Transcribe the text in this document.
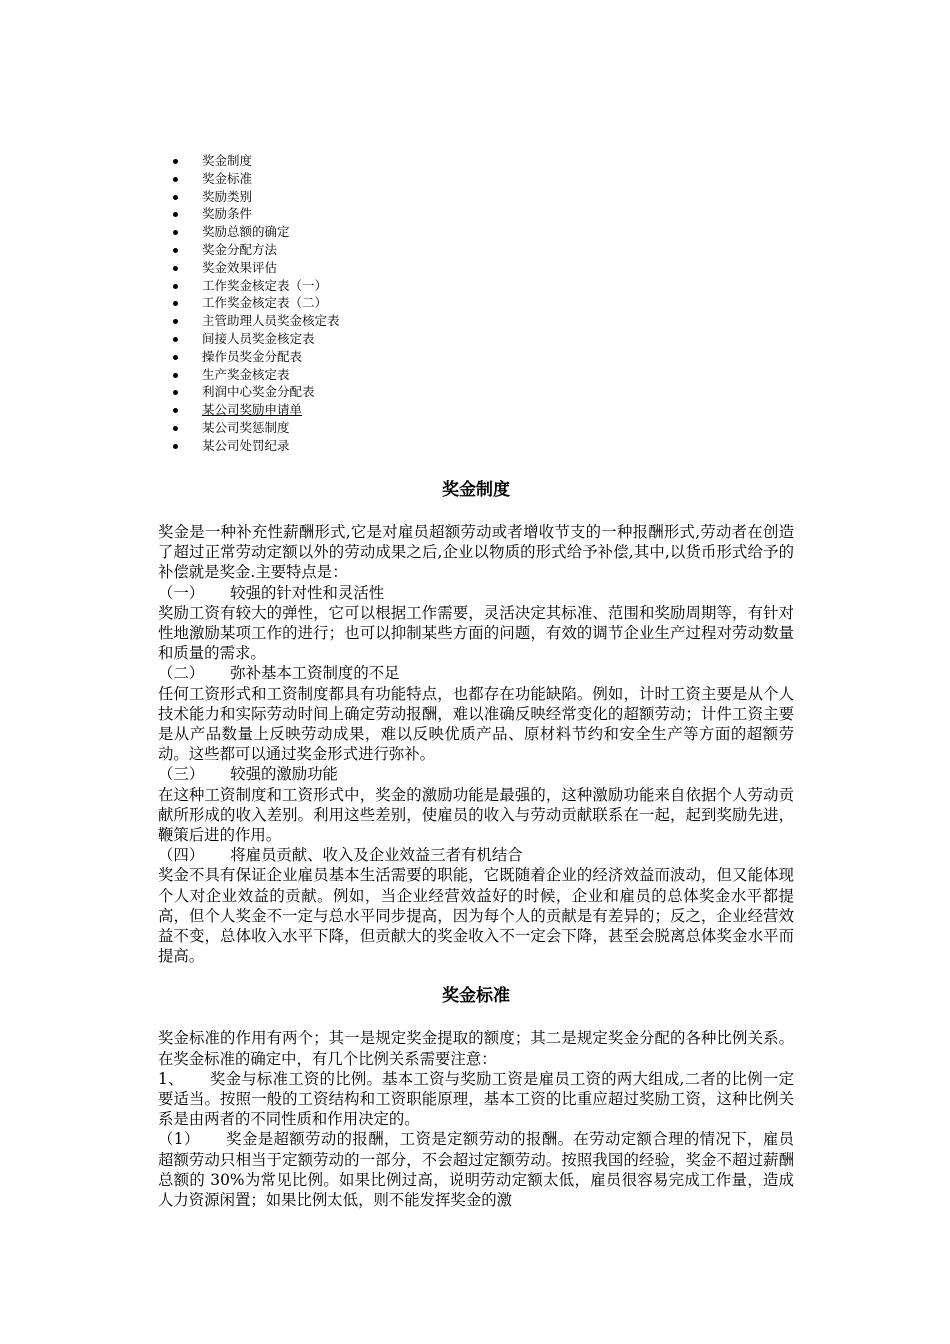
奖金制度
奖金标准
奖励类别
奖励条件
奖励总额的确定
奖金分配方法
奖金效果评估
工作奖金核定表（一）
工作奖金核定表（二）
主管助理人员奖金核定表
间接人员奖金核定表
操作员奖金分配表
生产奖金核定表
利润中心奖金分配表
某公司奖励申请单
某公司奖惩制度
某公司处罚纪录
奖金制度

奖金是一种补充性薪酬形式,它是对雇员超额劳动或者增收节支的一种报酬形式,劳动者在创造了超过正常劳动定额以外的劳动成果之后,企业以物质的形式给予补偿,其中,以货币形式给予的补偿就是奖金.主要特点是：

（一） 较强的针对性和灵活性

奖励工资有较大的弹性，它可以根据工作需要，灵活决定其标准、范围和奖励周期等，有针对性地激励某项工作的进行；也可以抑制某些方面的问题，有效的调节企业生产过程对劳动数量和质量的需求。

（二） 弥补基本工资制度的不足

任何工资形式和工资制度都具有功能特点，也都存在功能缺陷。例如，计时工资主要是从个人技术能力和实际劳动时间上确定劳动报酬，难以准确反映经常变化的超额劳动；计件工资主要是从产品数量上反映劳动成果，难以反映优质产品、原材料节约和安全生产等方面的超额劳动。这些都可以通过奖金形式进行弥补。

（三） 较强的激励功能

在这种工资制度和工资形式中，奖金的激励功能是最强的，这种激励功能来自依据个人劳动贡献所形成的收入差别。利用这些差别，使雇员的收入与劳动贡献联系在一起，起到奖励先进，鞭策后进的作用。

（四） 将雇员贡献、收入及企业效益三者有机结合

奖金不具有保证企业雇员基本生活需要的职能，它既随着企业的经济效益而波动，但又能体现个人对企业效益的贡献。例如，当企业经营效益好的时候，企业和雇员的总体奖金水平都提高，但个人奖金不一定与总水平同步提高，因为每个人的贡献是有差异的；反之，企业经营效益不变，总体收入水平下降，但贡献大的奖金收入不一定会下降，甚至会脱离总体奖金水平而提高。

奖金标准

奖金标准的作用有两个；其一是规定奖金提取的额度；其二是规定奖金分配的各种比例关系。在奖金标准的确定中，有几个比例关系需要注意：

1、 奖金与标准工资的比例。基本工资与奖励工资是雇员工资的两大组成,二者的比例一定要适当。按照一般的工资结构和工资职能原理，基本工资的比重应超过奖励工资，这种比例关系是由两者的不同性质和作用决定的。

（1） 奖金是超额劳动的报酬，工资是定额劳动的报酬。在劳动定额合理的情况下，雇员超额劳动只相当于定额劳动的一部分，不会超过定额劳动。按照我国的经验，奖金不超过薪酬总额的 30%为常见比例。如果比例过高，说明劳动定额太低，雇员很容易完成工作量，造成人力资源闲置；如果比例太低，则不能发挥奖金的激
